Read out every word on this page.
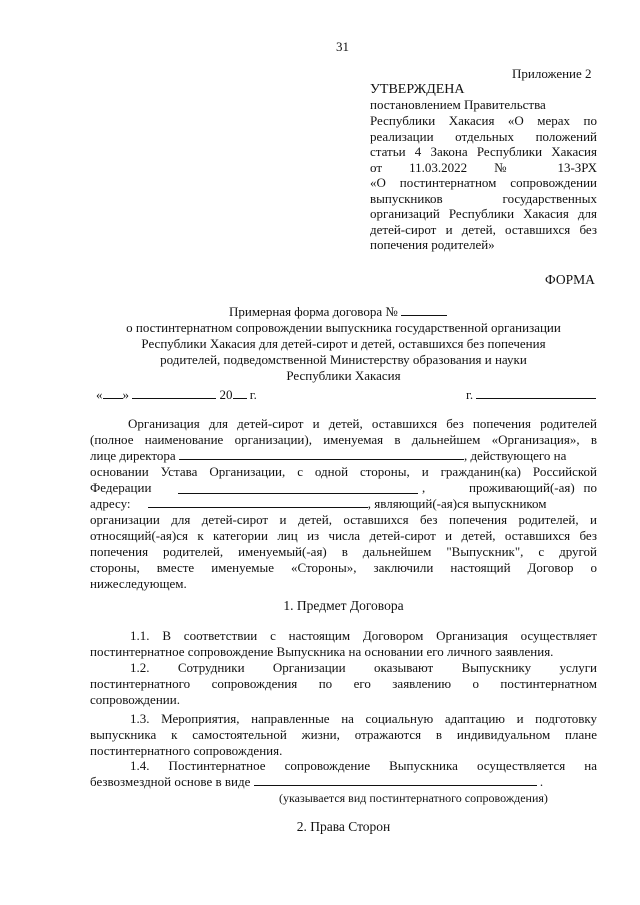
31
Приложение 2
УТВЕРЖДЕНА
постановлением Правительства
Республики Хакасия «О мерах по
реализации отдельных положений
статьи 4 Закона Республики Хакасия
от 11.03.2022 № 13-ЗРХ
«О постинтернатном сопровождении
выпускников государственных
организаций Республики Хакасия для
детей-сирот и детей, оставшихся без
попечения родителей»
ФОРМА
Примерная форма договора №
о постинтернатном сопровождении выпускника государственной организации
Республики Хакасия для детей-сирот и детей, оставшихся без попечения
родителей, подведомственной Министерству образования и науки
Республики Хакасия
« »	20 г.	г.
Организация для детей-сирот и детей, оставшихся без попечения родителей
(полное наименование организации), именуемая в дальнейшем «Организация», в
лице директора	, действующего на
основании Устава Организации, с одной стороны, и гражданин(ка) Российской
Федерации	,	проживающий(-ая) по
адресу:	, являющий(-ая)ся выпускником
организации для детей-сирот и детей, оставшихся без попечения родителей, и
относящий(-ая)ся к категории лиц из числа детей-сирот и детей, оставшихся без
попечения родителей, именуемый(-ая) в дальнейшем "Выпускник", с другой
стороны, вместе именуемые «Стороны», заключили настоящий Договор о
нижеследующем.
1. Предмет Договора
1.1. В соответствии с настоящим Договором Организация осуществляет
постинтернатное сопровождение Выпускника на основании его личного заявления.
1.2. Сотрудники Организации оказывают Выпускнику услуги
постинтернатного сопровождения по его заявлению о постинтернатном
сопровождении.
1.3. Мероприятия, направленные на социальную адаптацию и подготовку
выпускника к самостоятельной жизни, отражаются в индивидуальном плане
постинтернатного сопровождения.
1.4. Постинтернатное сопровождение Выпускника осуществляется на
безвозмездной основе в виде	.
(указывается вид постинтернатного сопровождения)
2. Права Сторон
